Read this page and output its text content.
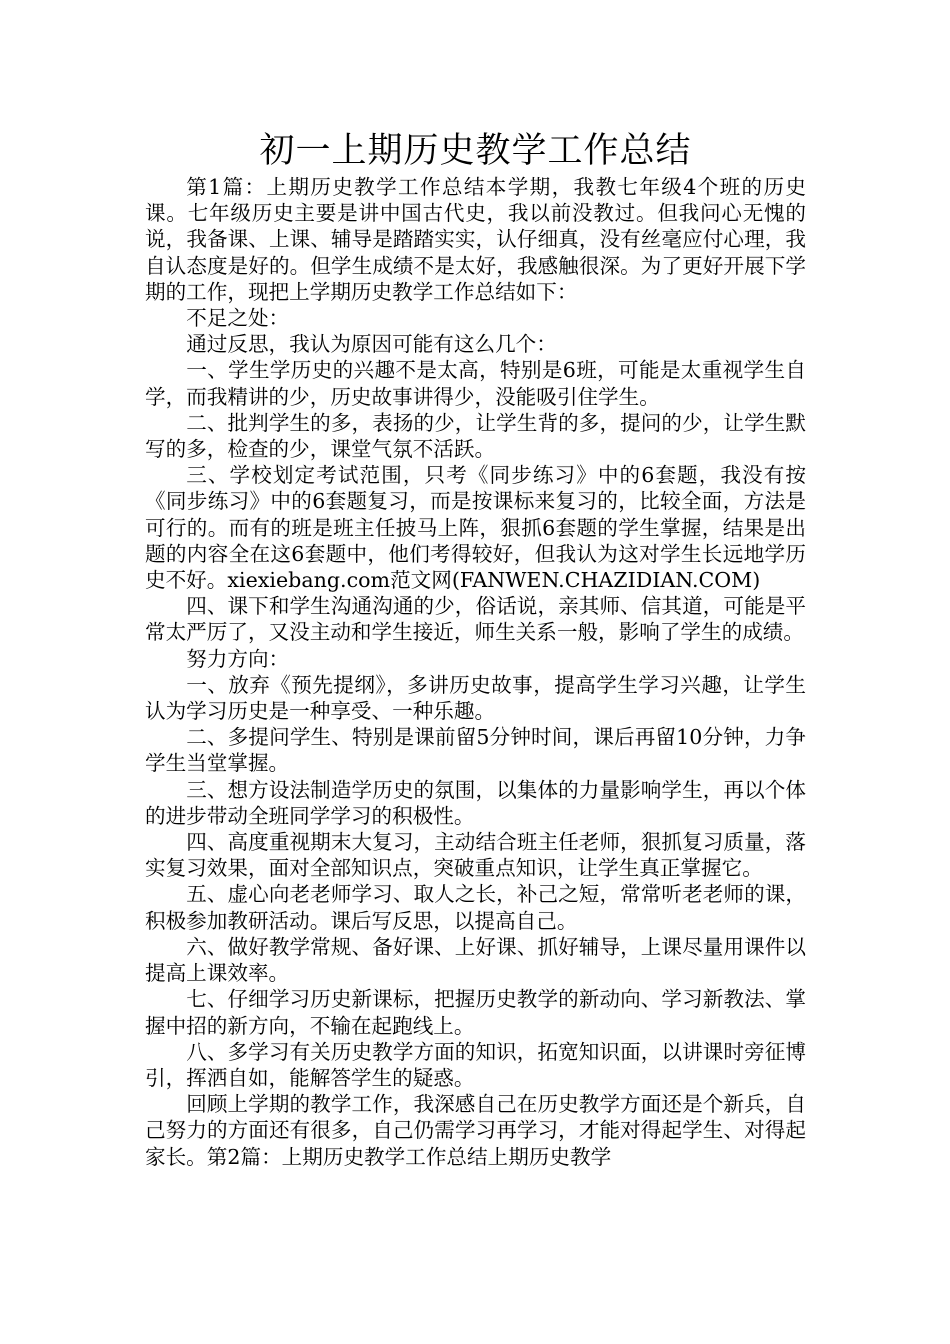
初一上期历史教学工作总结

第1篇：上期历史教学工作总结本学期，我教七年级4个班的历史课。七年级历史主要是讲中国古代史，我以前没教过。但我问心无愧的说，我备课、上课、辅导是踏踏实实，认仔细真，没有丝毫应付心理，我自认态度是好的。但学生成绩不是太好，我感触很深。为了更好开展下学期的工作，现把上学期历史教学工作总结如下：

不足之处：

通过反思，我认为原因可能有这么几个：

一、学生学历史的兴趣不是太高，特别是6班，可能是太重视学生自学，而我精讲的少，历史故事讲得少，没能吸引住学生。

二、批判学生的多，表扬的少，让学生背的多，提问的少，让学生默写的多，检查的少，课堂气氛不活跃。

三、学校划定考试范围，只考《同步练习》中的6套题，我没有按《同步练习》中的6套题复习，而是按课标来复习的，比较全面，方法是可行的。而有的班是班主任披马上阵，狠抓6套题的学生掌握，结果是出题的内容全在这6套题中，他们考得较好，但我认为这对学生长远地学历史不好。xiexiebang.com范文网(FANWEN.CHAZIDIAN.COM)

四、课下和学生沟通沟通的少，俗话说，亲其师、信其道，可能是平常太严厉了，又没主动和学生接近，师生关系一般，影响了学生的成绩。

努力方向：

一、放弃《预先提纲》，多讲历史故事，提高学生学习兴趣，让学生认为学习历史是一种享受、一种乐趣。

二、多提问学生、特别是课前留5分钟时间，课后再留10分钟，力争学生当堂掌握。

三、想方设法制造学历史的氛围，以集体的力量影响学生，再以个体的进步带动全班同学学习的积极性。

四、高度重视期末大复习，主动结合班主任老师，狠抓复习质量，落实复习效果，面对全部知识点，突破重点知识，让学生真正掌握它。

五、虚心向老老师学习、取人之长，补己之短，常常听老老师的课，积极参加教研活动。课后写反思，以提高自己。

六、做好教学常规、备好课、上好课、抓好辅导，上课尽量用课件以提高上课效率。

七、仔细学习历史新课标，把握历史教学的新动向、学习新教法、掌握中招的新方向，不输在起跑线上。

八、多学习有关历史教学方面的知识，拓宽知识面，以讲课时旁征博引，挥洒自如，能解答学生的疑惑。

回顾上学期的教学工作，我深感自己在历史教学方面还是个新兵，自己努力的方面还有很多，自己仍需学习再学习，才能对得起学生、对得起家长。第2篇：上期历史教学工作总结上期历史教学
